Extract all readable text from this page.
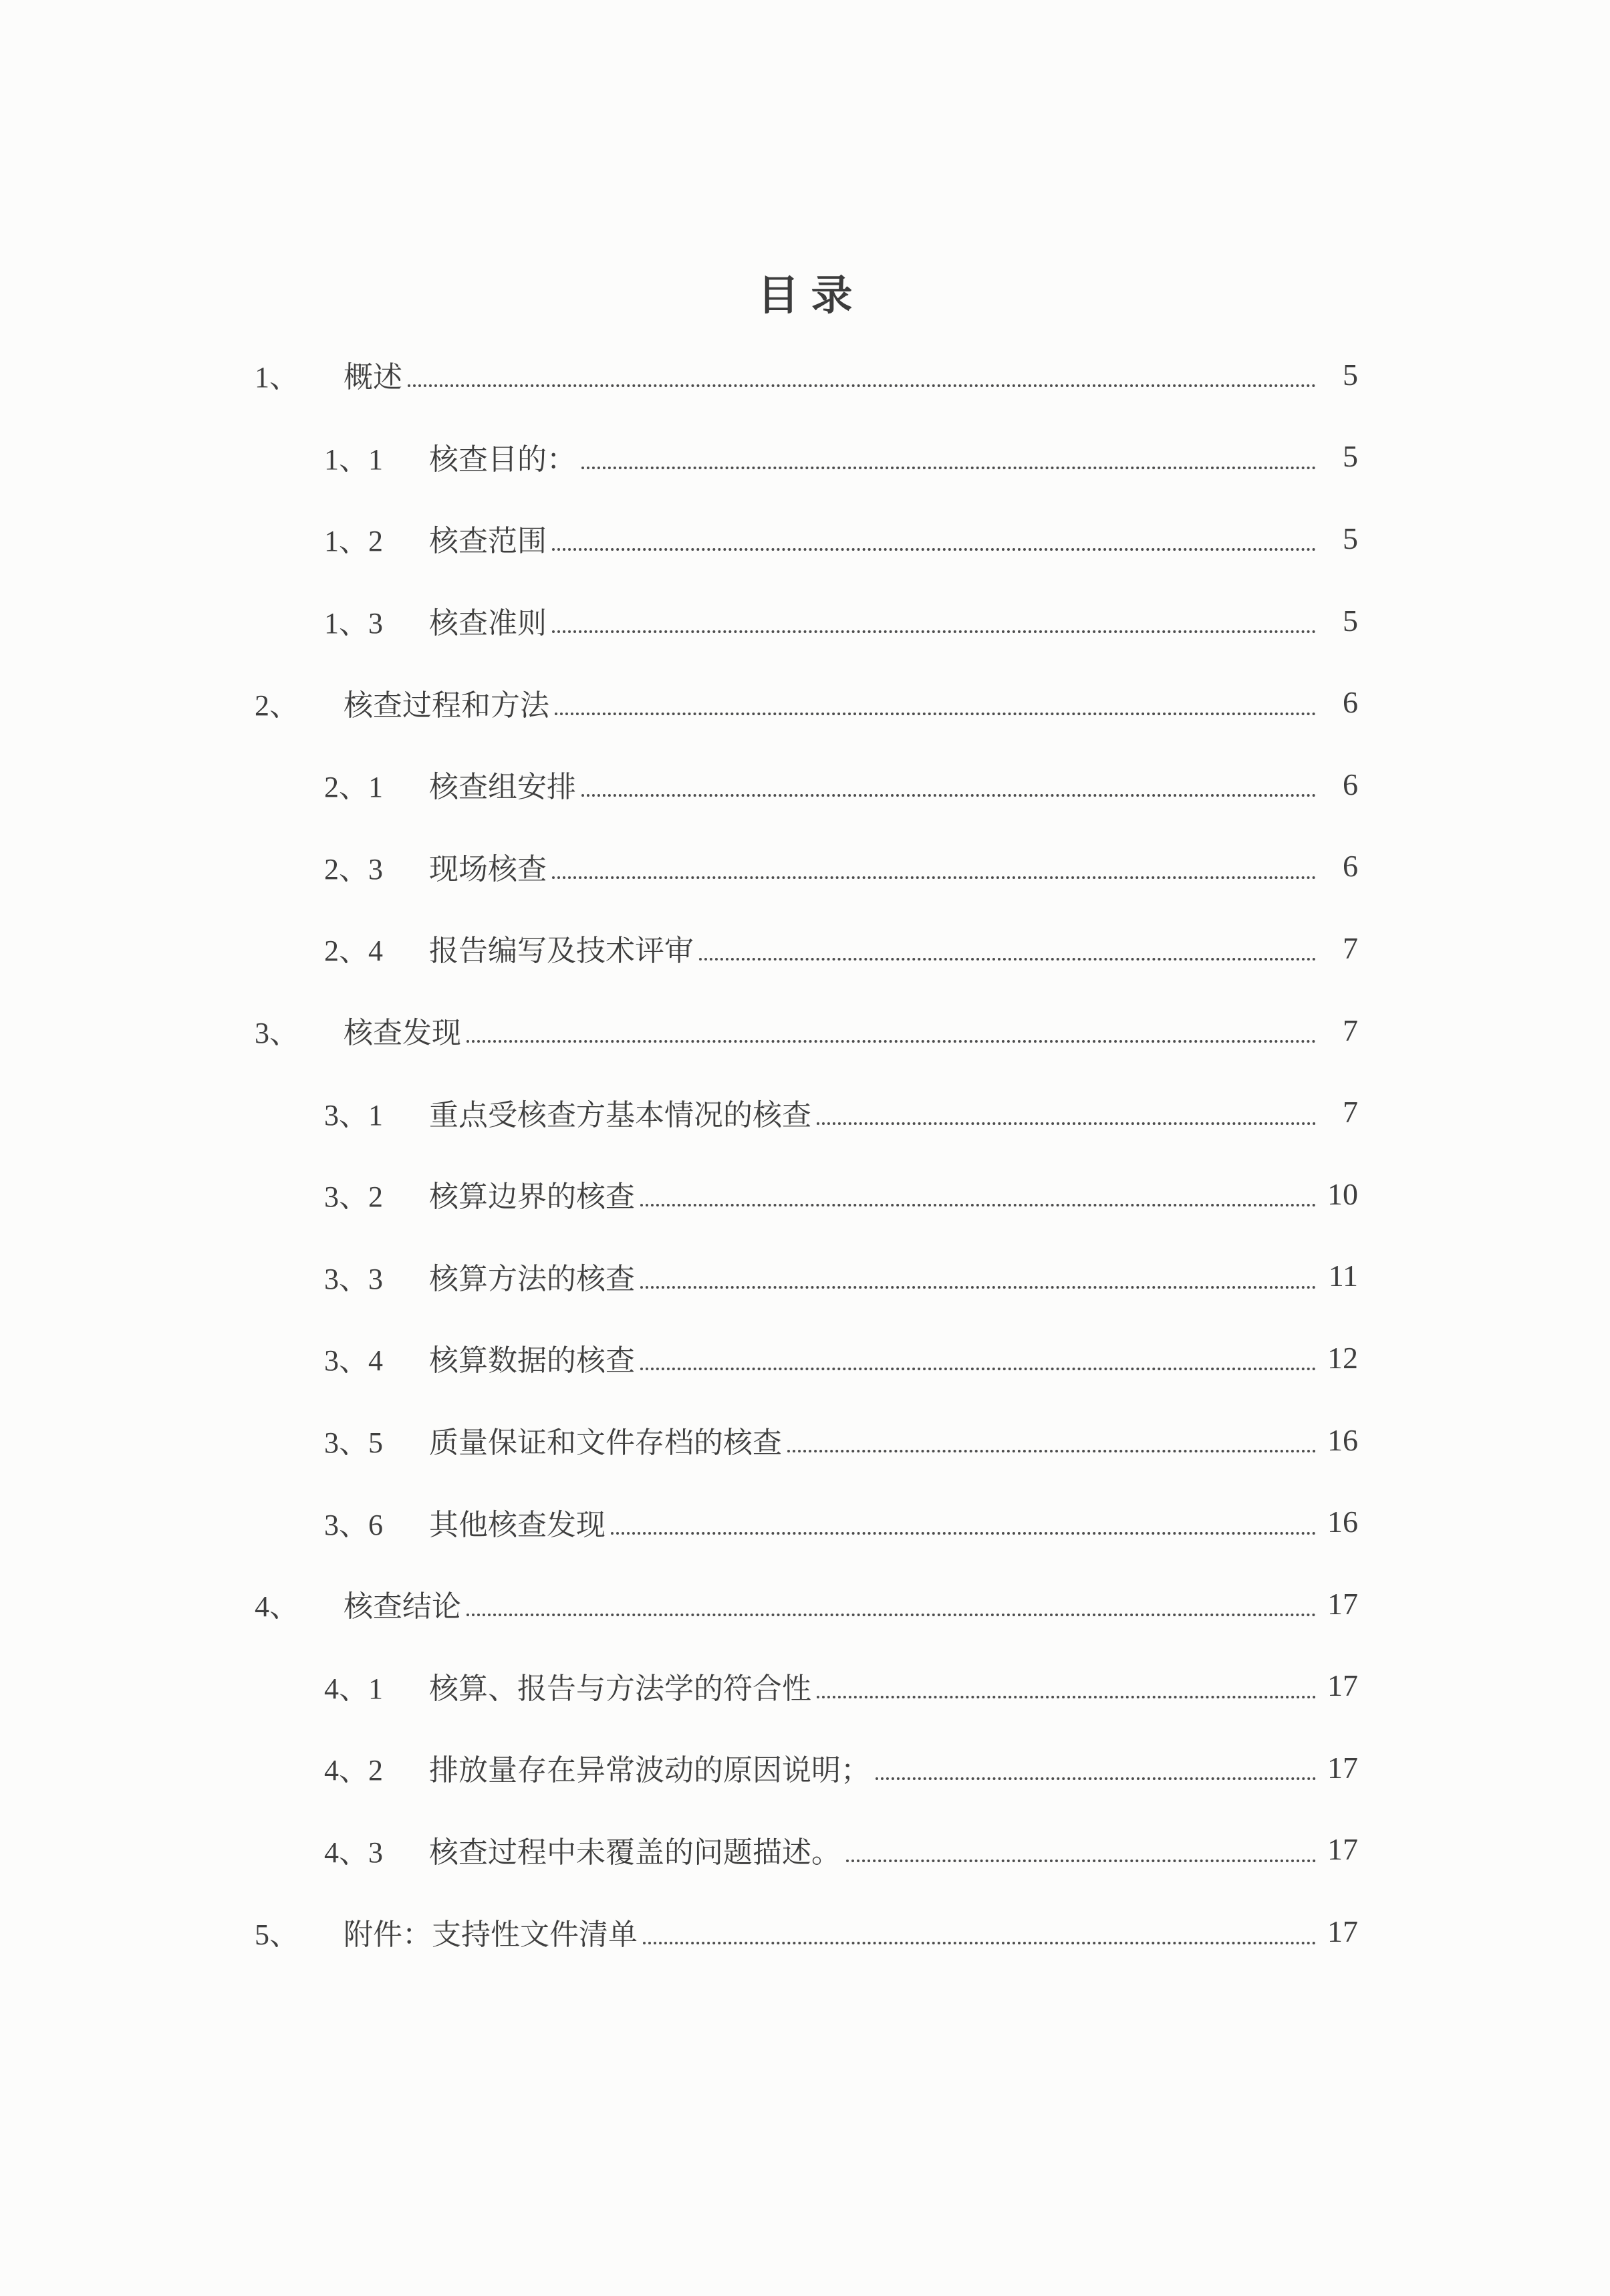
目录
1、	概述	5
1、1	核查目的：	5
1、2	核查范围	5
1、3	核查准则	5
2、	核查过程和方法	6
2、1	核查组安排	6
2、3	现场核查	6
2、4	报告编写及技术评审	7
3、	核查发现	7
3、1	重点受核查方基本情况的核查	7
3、2	核算边界的核查	10
3、3	核算方法的核查	11
3、4	核算数据的核查	12
3、5	质量保证和文件存档的核查	16
3、6	其他核查发现	16
4、	核查结论	17
4、1	核算、报告与方法学的符合性	17
4、2	排放量存在异常波动的原因说明；	17
4、3	核查过程中未覆盖的问题描述。	17
5、	附件：支持性文件清单	17
